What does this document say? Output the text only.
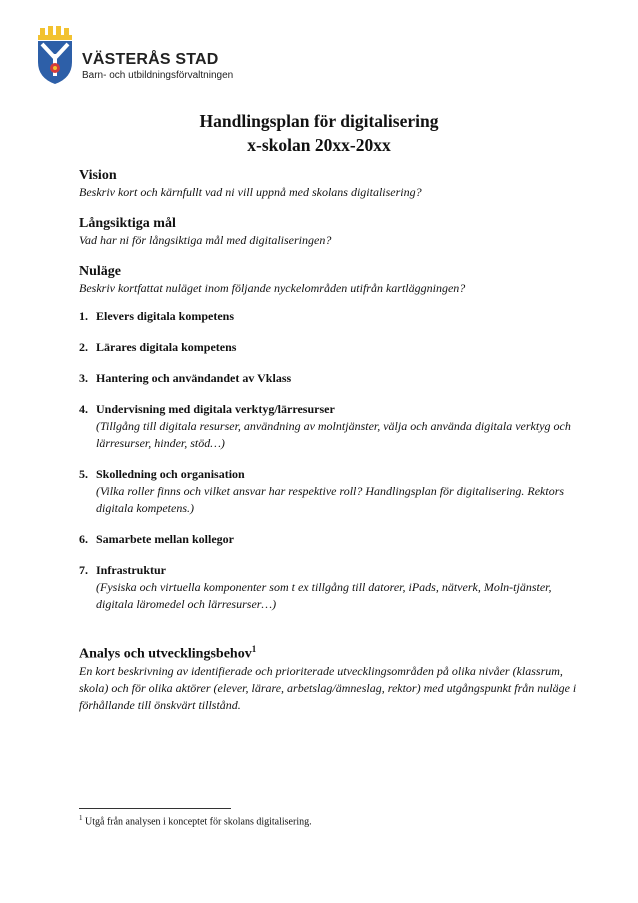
VÄSTERÅS STAD
Barn- och utbildningsförvaltningen
Handlingsplan för digitalisering
x-skolan 20xx-20xx

Vision

Beskriv kort och kärnfullt vad ni vill uppnå med skolans digitalisering?

Långsiktiga mål

Vad har ni för långsiktiga mål med digitaliseringen?

Nuläge

Beskriv kortfattat nuläget inom följande nyckelområden utifrån kartläggningen?

1. Elevers digitala kompetens
2. Lärares digitala kompetens
3. Hantering och användandet av Vklass
4. Undervisning med digitala verktyg/lärresurser
(Tillgång till digitala resurser, användning av molntjänster, välja och använda digitala verktyg och lärresurser, hinder, stöd…)
5. Skolledning och organisation
(Vilka roller finns och vilket ansvar har respektive roll? Handlingsplan för digitalisering. Rektors digitala kompetens.)
6. Samarbete mellan kollegor
7. Infrastruktur
(Fysiska och virtuella komponenter som t ex tillgång till datorer, iPads, nätverk, Moln-tjänster, digitala läromedel och lärresurser…)

Analys och utvecklingsbehov$^1$

En kort beskrivning av identifierade och prioriterade utvecklingsområden på olika nivåer (klassrum, skola) och för olika aktörer (elever, lärare, arbetslag/ämneslag, rektor) med utgångspunkt från nuläge i förhållande till önskvärt tillstånd.

$^1$ Utgå från analysen i konceptet för skolans digitalisering.
